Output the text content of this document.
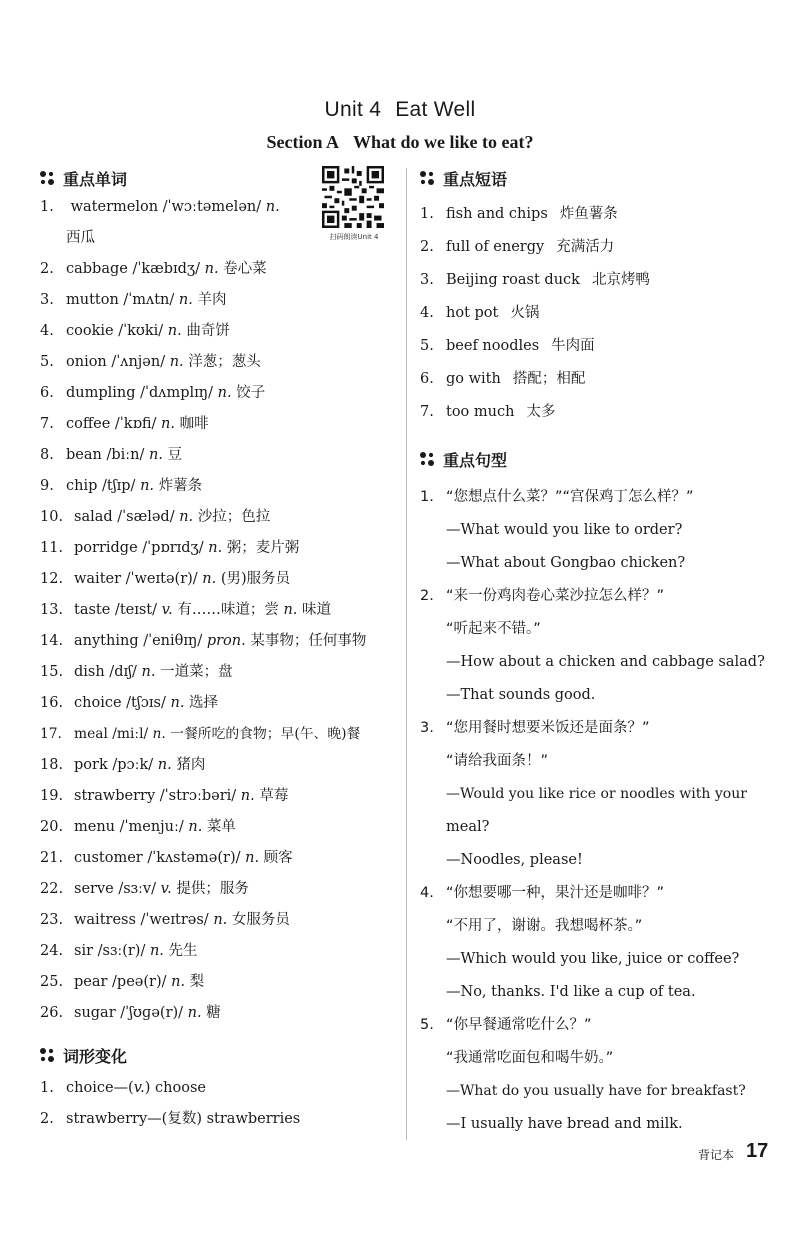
Unit 4 Eat Well
Section A What do we like to eat?
重点单词
扫码朗读Unit 4
1. watermelon /ˈwɔːtəmelən/ n.
西瓜
2. cabbage /ˈkæbɪdʒ/ n. 卷心菜
3. mutton /ˈmʌtn/ n. 羊肉
4. cookie /ˈkʊki/ n. 曲奇饼
5. onion /ˈʌnjən/ n. 洋葱；葱头
6. dumpling /ˈdʌmplɪŋ/ n. 饺子
7. coffee /ˈkɒfi/ n. 咖啡
8. bean /biːn/ n. 豆
9. chip /tʃɪp/ n. 炸薯条
10. salad /ˈsæləd/ n. 沙拉；色拉
11. porridge /ˈpɒrɪdʒ/ n. 粥；麦片粥
12. waiter /ˈweɪtə(r)/ n. (男)服务员
13. taste /teɪst/ v. 有……味道；尝 n. 味道
14. anything /ˈeniθɪŋ/ pron. 某事物；任何事物
15. dish /dɪʃ/ n. 一道菜；盘
16. choice /tʃɔɪs/ n. 选择
17. meal /miːl/ n. 一餐所吃的食物；早(午、晚)餐
18. pork /pɔːk/ n. 猪肉
19. strawberry /ˈstrɔːbəri/ n. 草莓
20. menu /ˈmenjuː/ n. 菜单
21. customer /ˈkʌstəmə(r)/ n. 顾客
22. serve /sɜːv/ v. 提供；服务
23. waitress /ˈweɪtrəs/ n. 女服务员
24. sir /sɜː(r)/ n. 先生
25. pear /peə(r)/ n. 梨
26. sugar /ˈʃʊɡə(r)/ n. 糖
词形变化
1. choice—(v.) choose
2. strawberry—(复数) strawberries
重点短语
1. fish and chips 炸鱼薯条
2. full of energy 充满活力
3. Beijing roast duck 北京烤鸭
4. hot pot 火锅
5. beef noodles 牛肉面
6. go with 搭配；相配
7. too much 太多
重点句型
1. “您想点什么菜？”“宫保鸡丁怎么样？”
—What would you like to order?
—What about Gongbao chicken?
2. “来一份鸡肉卷心菜沙拉怎么样？”
“听起来不错。”
—How about a chicken and cabbage salad?
—That sounds good.
3. “您用餐时想要米饭还是面条？”
“请给我面条！”
—Would you like rice or noodles with your
meal?
—Noodles, please!
4. “你想要哪一种，果汁还是咖啡？”
“不用了，谢谢。我想喝杯茶。”
—Which would you like, juice or coffee?
—No, thanks. I'd like a cup of tea.
5. “你早餐通常吃什么？”
“我通常吃面包和喝牛奶。”
—What do you usually have for breakfast?
—I usually have bread and milk.
背记本 17
